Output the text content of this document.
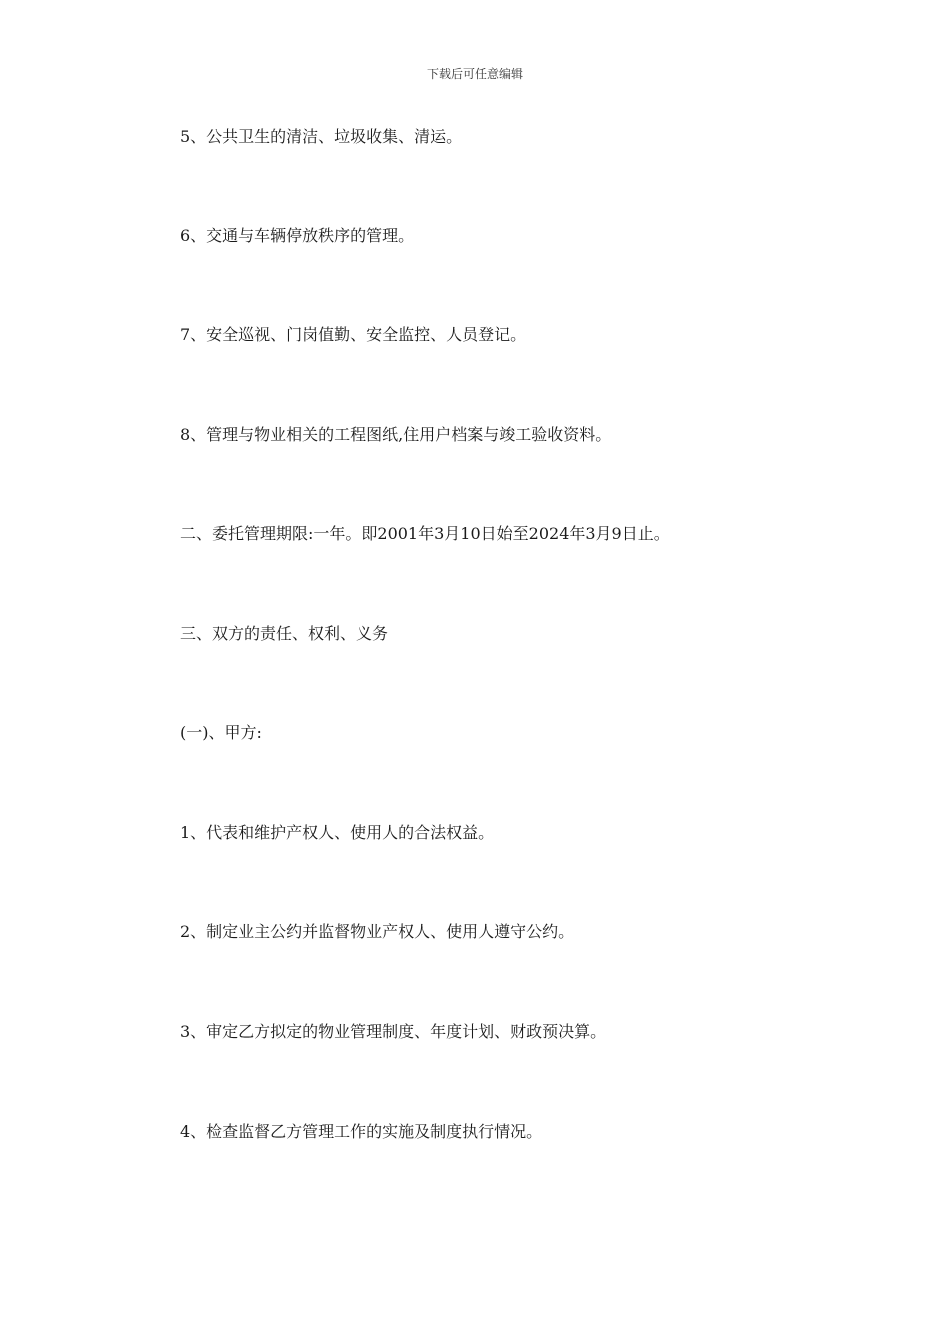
下载后可任意编辑
5、公共卫生的清洁、垃圾收集、清运。
6、交通与车辆停放秩序的管理。
7、安全巡视、门岗值勤、安全监控、人员登记。
8、管理与物业相关的工程图纸,住用户档案与竣工验收资料。
二、委托管理期限:一年。即2001年3月10日始至2024年3月9日止。
三、双方的责任、权利、义务
(一)、甲方:
1、代表和维护产权人、使用人的合法权益。
2、制定业主公约并监督物业产权人、使用人遵守公约。
3、审定乙方拟定的物业管理制度、年度计划、财政预决算。
4、检查监督乙方管理工作的实施及制度执行情况。
